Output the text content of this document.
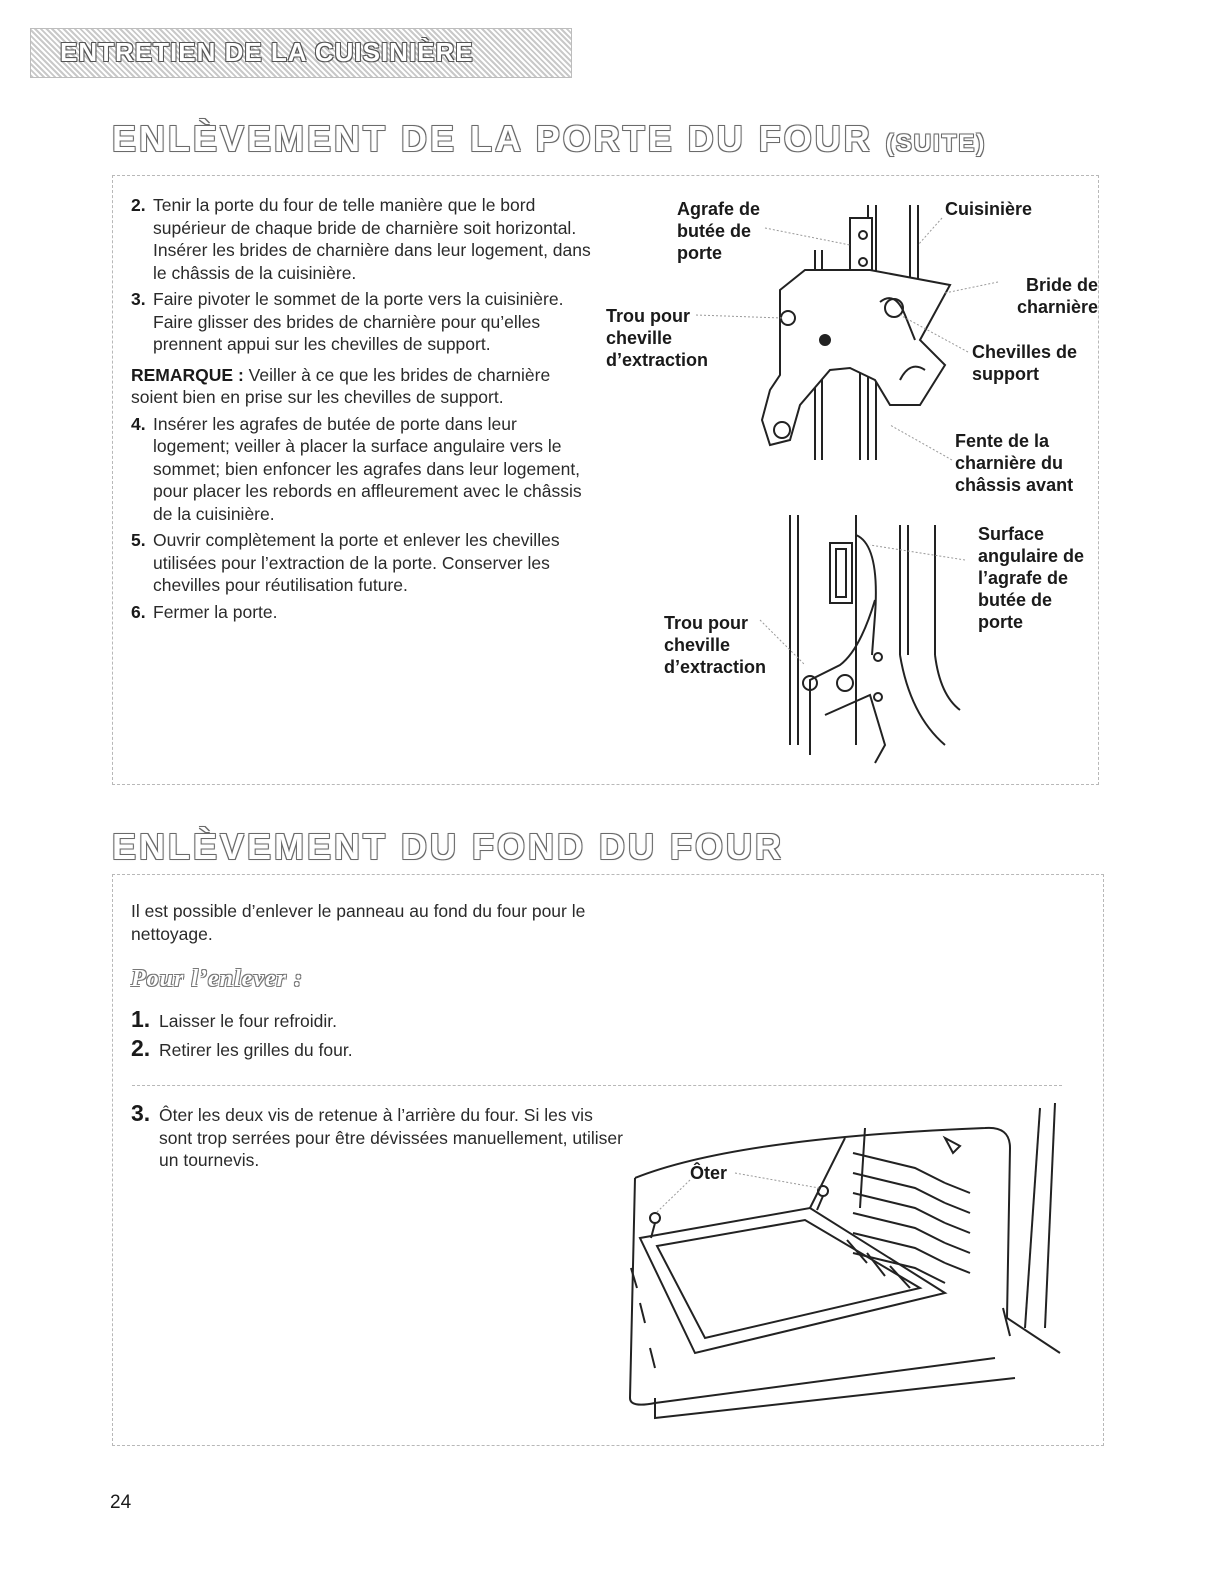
ENTRETIEN DE LA CUISINIÈRE
ENLÈVEMENT DE LA PORTE DU FOUR (SUITE)
2. Tenir la porte du four de telle manière que le bord supérieur de chaque bride de charnière soit horizontal. Insérer les brides de charnière dans leur logement, dans le châssis de la cuisinière.
3. Faire pivoter le sommet de la porte vers la cuisinière. Faire glisser des brides de charnière pour qu’elles prennent appui sur les chevilles de support.
REMARQUE : Veiller à ce que les brides de charnière soient bien en prise sur les chevilles de support.
4. Insérer les agrafes de butée de porte dans leur logement; veiller à placer la surface angulaire vers le sommet; bien enfoncer les agrafes dans leur logement, pour placer les rebords en affleurement avec le châssis de la cuisinière.
5. Ouvrir complètement la porte et enlever les chevilles utilisées pour l’extraction de la porte. Conserver les chevilles pour réutilisation future.
6. Fermer la porte.
Agrafe de butée de porte
Cuisinière
Trou pour cheville d’extraction
Bride de charnière
Chevilles de support
Fente de la charnière du châssis avant
Surface angulaire de l’agrafe de butée de porte
Trou pour cheville d’extraction
ENLÈVEMENT DU FOND DU FOUR
Il est possible d’enlever le panneau au fond du four pour le nettoyage.
Pour l’enlever :
1. Laisser le four refroidir.
2. Retirer les grilles du four.
3. Ôter les deux vis de retenue à l’arrière du four. Si les vis sont trop serrées pour être dévissées manuellement, utiliser un tournevis.
Ôter
24
